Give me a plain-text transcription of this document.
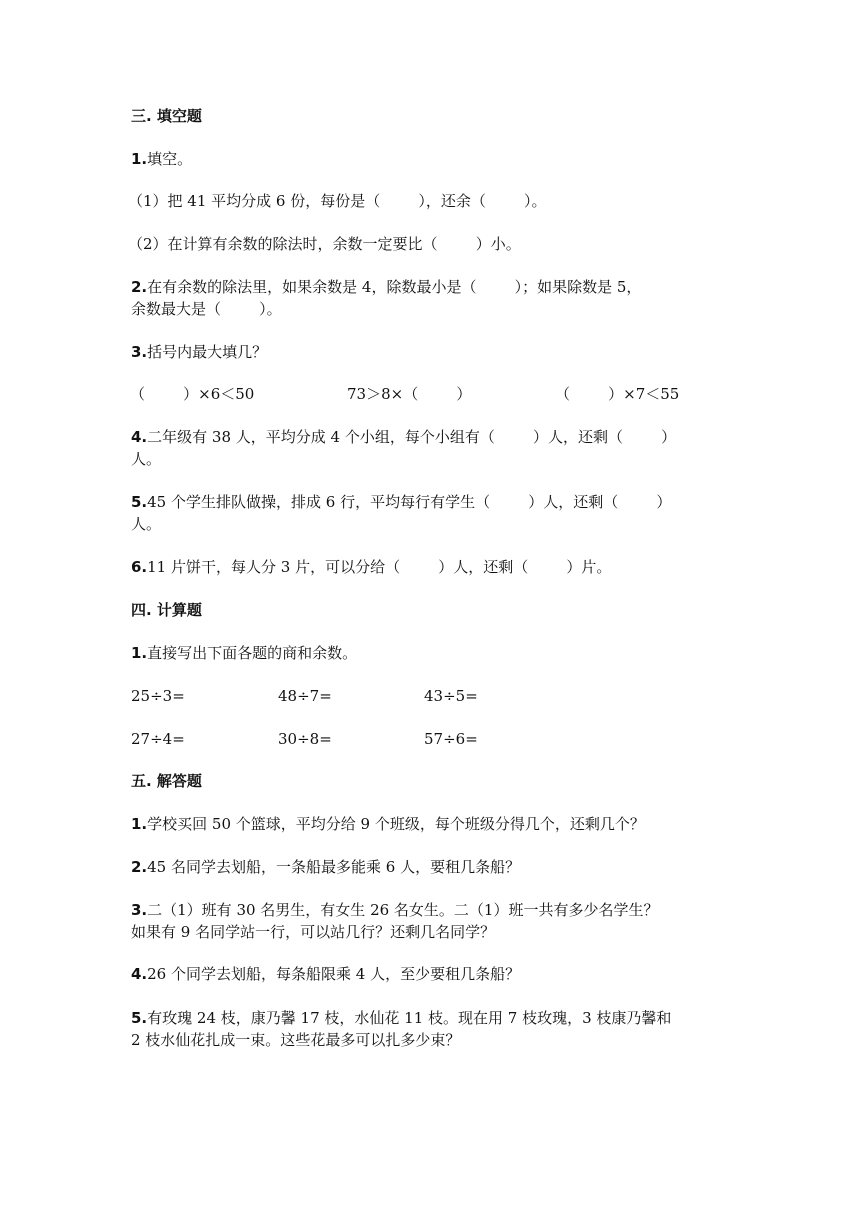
三. 填空题
1.填空。
（1）把 41 平均分成 6 份，每份是（        ），还余（        ）。
（2）在计算有余数的除法时，余数一定要比（        ）小。
2.在有余数的除法里，如果余数是 4，除数最小是（        ）；如果除数是 5，
余数最大是（        ）。
3.括号内最大填几？
（        ）×6＜50	73＞8×（        ）	（        ）×7＜55
4.二年级有 38 人，平均分成 4 个小组，每个小组有（        ）人，还剩（        ）
人。
5.45 个学生排队做操，排成 6 行，平均每行有学生（        ）人，还剩（        ）
人。
6.11 片饼干，每人分 3 片，可以分给（        ）人，还剩（        ）片。
四. 计算题
1.直接写出下面各题的商和余数。
25÷3=	48÷7=	43÷5=
27÷4=	30÷8=	57÷6=
五. 解答题
1.学校买回 50 个篮球，平均分给 9 个班级，每个班级分得几个，还剩几个？
2.45 名同学去划船，一条船最多能乘 6 人，要租几条船？
3.二（1）班有 30 名男生，有女生 26 名女生。二（1）班一共有多少名学生？
如果有 9 名同学站一行，可以站几行？还剩几名同学？
4.26 个同学去划船，每条船限乘 4 人，至少要租几条船？
5.有玫瑰 24 枝，康乃馨 17 枝，水仙花 11 枝。现在用 7 枝玫瑰，3 枝康乃馨和
2 枝水仙花扎成一束。这些花最多可以扎多少束？
